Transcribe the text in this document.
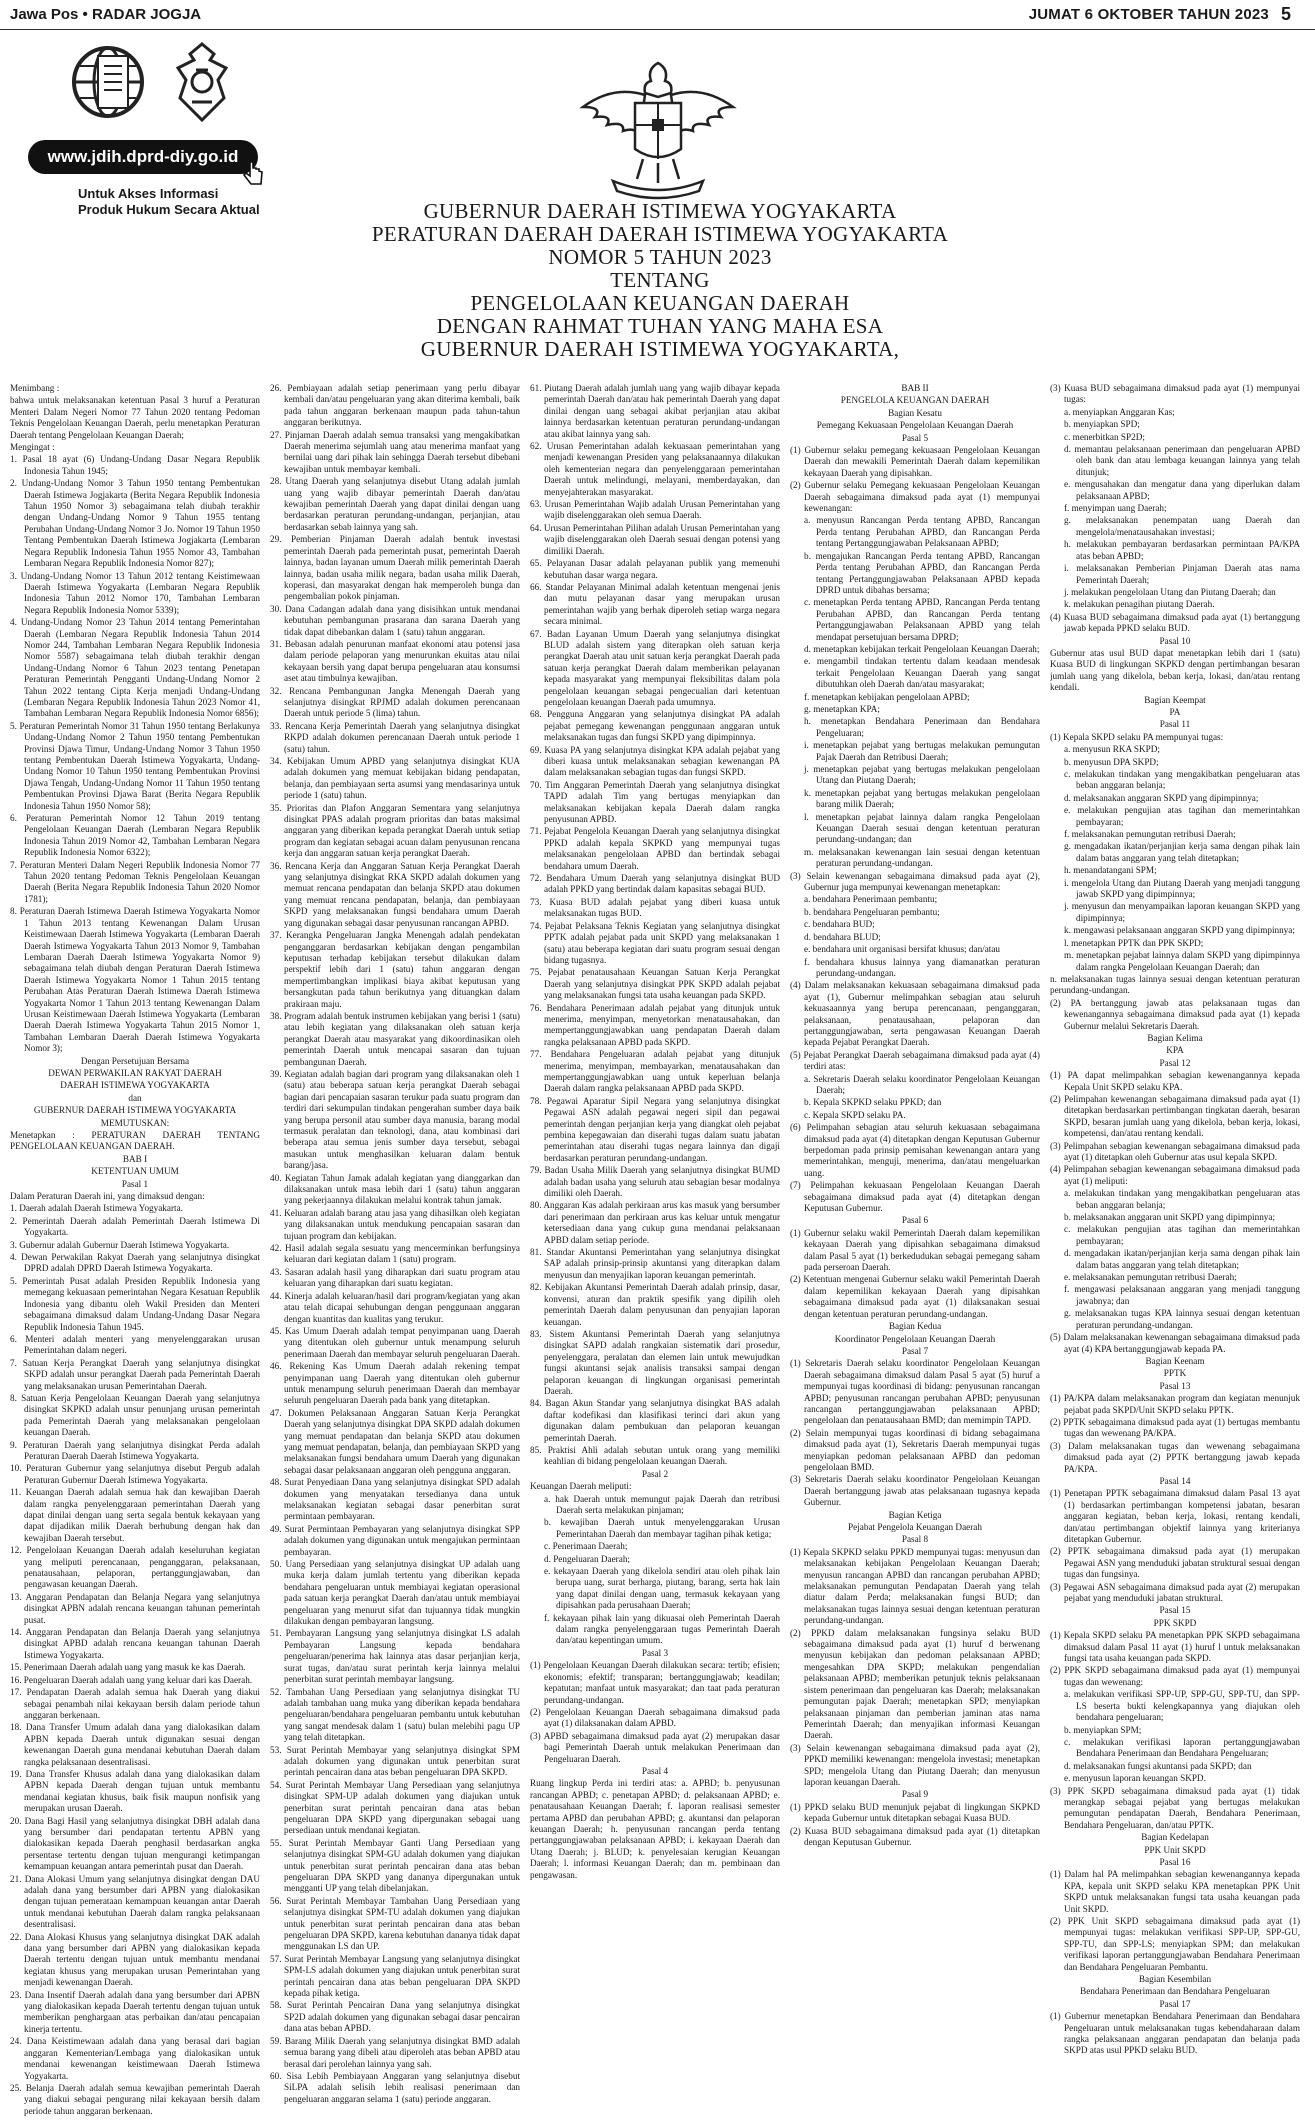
Jawa Pos • RADAR JOGJA	JUMAT 6 OKTOBER TAHUN 2023 5
www.jdih.dprd-diy.go.id
Untuk Akses Informasi
Produk Hukum Secara Aktual	GUBERNUR DAERAH ISTIMEWA YOGYAKARTA
PERATURAN DAERAH DAERAH ISTIMEWA YOGYAKARTA
NOMOR 5 TAHUN 2023
TENTANG
PENGELOLAAN KEUANGAN DAERAH
DENGAN RAHMAT TUHAN YANG MAHA ESA
GUBERNUR DAERAH ISTIMEWA YOGYAKARTA,

Menimbang :

bahwa untuk melaksanakan ketentuan Pasal 3 huruf a Peraturan Menteri Dalam Negeri Nomor 77 Tahun 2020 tentang Pedoman Teknis Pengelolaan Keuangan Daerah, perlu menetapkan Peraturan Daerah tentang Pengelolaan Keuangan Daerah;

Mengingat :

1. Pasal 18 ayat (6) Undang-Undang Dasar Negara Republik Indonesia Tahun 1945;

2. Undang-Undang Nomor 3 Tahun 1950 tentang Pembentukan Daerah Istimewa Jogjakarta (Berita Negara Republik Indonesia Tahun 1950 Nomor 3) sebagaimana telah diubah terakhir dengan Undang-Undang Nomor 9 Tahun 1955 tentang Perubahan Undang-Undang Nomor 3 Jo. Nomor 19 Tahun 1950 Tentang Pembentukan Daerah Istimewa Jogjakarta (Lembaran Negara Republik Indonesia Tahun 1955 Nomor 43, Tambahan Lembaran Negara Republik Indonesia Nomor 827);

3. Undang-Undang Nomor 13 Tahun 2012 tentang Keistimewaan Daerah Istimewa Yogyakarta (Lembaran Negara Republik Indonesia Tahun 2012 Nomor 170, Tambahan Lembaran Negara Republik Indonesia Nomor 5339);

4. Undang-Undang Nomor 23 Tahun 2014 tentang Pemerintahan Daerah (Lembaran Negara Republik Indonesia Tahun 2014 Nomor 244, Tambahan Lembaran Negara Republik Indonesia Nomor 5587) sebagaimana telah diubah terakhir dengan Undang-Undang Nomor 6 Tahun 2023 tentang Penetapan Peraturan Pemerintah Pengganti Undang-Undang Nomor 2 Tahun 2022 tentang Cipta Kerja menjadi Undang-Undang (Lembaran Negara Republik Indonesia Tahun 2023 Nomor 41, Tambahan Lembaran Negara Republik Indonesia Nomor 6856);

5. Peraturan Pemerintah Nomor 31 Tahun 1950 tentang Berlakunya Undang-Undang Nomor 2 Tahun 1950 tentang Pembentukan Provinsi Djawa Timur, Undang-Undang Nomor 3 Tahun 1950 tentang Pembentukan Daerah Istimewa Yogyakarta, Undang-Undang Nomor 10 Tahun 1950 tentang Pembentukan Provinsi Djawa Tengah, Undang-Undang Nomor 11 Tahun 1950 tentang Pembentukan Provinsi Djawa Barat (Berita Negara Republik Indonesia Tahun 1950 Nomor 58);

6. Peraturan Pemerintah Nomor 12 Tahun 2019 tentang Pengelolaan Keuangan Daerah (Lembaran Negara Republik Indonesia Tahun 2019 Nomor 42, Tambahan Lembaran Negara Republik Indonesia Nomor 6322);

7. Peraturan Menteri Dalam Negeri Republik Indonesia Nomor 77 Tahun 2020 tentang Pedoman Teknis Pengelolaan Keuangan Daerah (Berita Negara Republik Indonesia Tahun 2020 Nomor 1781);

8. Peraturan Daerah Istimewa Daerah Istimewa Yogyakarta Nomor 1 Tahun 2013 tentang Kewenangan Dalam Urusan Keistimewaan Daerah Istimewa Yogyakarta (Lembaran Daerah Daerah Istimewa Yogyakarta Tahun 2013 Nomor 9, Tambahan Lembaran Daerah Daerah Istimewa Yogyakarta Nomor 9) sebagaimana telah diubah dengan Peraturan Daerah Istimewa Daerah Istimewa Yogyakarta Nomor 1 Tahun 2015 tentang Perubahan Atas Peraturan Daerah Istimewa Daerah Istimewa Yogyakarta Nomor 1 Tahun 2013 tentang Kewenangan Dalam Urusan Keistimewaan Daerah Istimewa Yogyakarta (Lembaran Daerah Daerah Istimewa Yogyakarta Tahun 2015 Nomor 1, Tambahan Lembaran Daerah Daerah Istimewa Yogyakarta Nomor 3);

Dengan Persetujuan Bersama

DEWAN PERWAKILAN RAKYAT DAERAH

DAERAH ISTIMEWA YOGYAKARTA

dan

GUBERNUR DAERAH ISTIMEWA YOGYAKARTA

MEMUTUSKAN:

Menetapkan : PERATURAN DAERAH TENTANG PENGELOLAAN KEUANGAN DAERAH.

BAB I

KETENTUAN UMUM

Pasal 1

Dalam Peraturan Daerah ini, yang dimaksud dengan:

1. Daerah adalah Daerah Istimewa Yogyakarta.

2. Pemerintah Daerah adalah Pemerintah Daerah Istimewa Di Yogyakarta.

3. Gubernur adalah Gubernur Daerah Istimewa Yogyakarta.

4. Dewan Perwakilan Rakyat Daerah yang selanjutnya disingkat DPRD adalah DPRD Daerah Istimewa Yogyakarta.

5. Pemerintah Pusat adalah Presiden Republik Indonesia yang memegang kekuasaan pemerintahan Negara Kesatuan Republik Indonesia yang dibantu oleh Wakil Presiden dan Menteri sebagaimana dimaksud dalam Undang-Undang Dasar Negara Republik Indonesia Tahun 1945.

6. Menteri adalah menteri yang menyelenggarakan urusan Pemerintahan dalam negeri.

7. Satuan Kerja Perangkat Daerah yang selanjutnya disingkat SKPD adalah unsur perangkat Daerah pada Pemerintah Daerah yang melaksanakan urusan Pemerintahan Daerah.

8. Satuan Kerja Pengelolaan Keuangan Daerah yang selanjutnya disingkat SKPKD adalah unsur penunjang urusan pemerintah pada Pemerintah Daerah yang melaksanakan pengelolaan keuangan Daerah.

9. Peraturan Daerah yang selanjutnya disingkat Perda adalah Peraturan Daerah Daerah Istimewa Yogyakarta.

10. Peraturan Gubernur yang selanjutnya disebut Pergub adalah Peraturan Gubernur Daerah Istimewa Yogyakarta.

11. Keuangan Daerah adalah semua hak dan kewajiban Daerah dalam rangka penyelenggaraan pemerintahan Daerah yang dapat dinilai dengan uang serta segala bentuk kekayaan yang dapat dijadikan milik Daerah berhubung dengan hak dan kewajiban Daerah tersebut.

12. Pengelolaan Keuangan Daerah adalah keseluruhan kegiatan yang meliputi perencanaan, penganggaran, pelaksanaan, penatausahaan, pelaporan, pertanggungjawaban, dan pengawasan keuangan Daerah.

13. Anggaran Pendapatan dan Belanja Negara yang selanjutnya disingkat APBN adalah rencana keuangan tahunan pemerintah pusat.

14. Anggaran Pendapatan dan Belanja Daerah yang selanjutnya disingkat APBD adalah rencana keuangan tahunan Daerah Istimewa Yogyakarta.

15. Penerimaan Daerah adalah uang yang masuk ke kas Daerah.

16. Pengeluaran Daerah adalah uang yang keluar dari kas Daerah.

17. Pendapatan Daerah adalah semua hak Daerah yang diakui sebagai penambah nilai kekayaan bersih dalam periode tahun anggaran berkenaan.

18. Dana Transfer Umum adalah dana yang dialokasikan dalam APBN kepada Daerah untuk digunakan sesuai dengan kewenangan Daerah guna mendanai kebutuhan Daerah dalam rangka pelaksanaan desentralisasi.

19. Dana Transfer Khusus adalah dana yang dialokasikan dalam APBN kepada Daerah dengan tujuan untuk membantu mendanai kegiatan khusus, baik fisik maupun nonfisik yang merupakan urusan Daerah.

20. Dana Bagi Hasil yang selanjutnya disingkat DBH adalah dana yang bersumber dari pendapatan tertentu APBN yang dialokasikan kepada Daerah penghasil berdasarkan angka persentase tertentu dengan tujuan mengurangi ketimpangan kemampuan keuangan antara pemerintah pusat dan Daerah.

21. Dana Alokasi Umum yang selanjutnya disingkat dengan DAU adalah dana yang bersumber dari APBN yang dialokasikan dengan tujuan pemerataan kemampuan keuangan antar Daerah untuk mendanai kebutuhan Daerah dalam rangka pelaksanaan desentralisasi.

22. Dana Alokasi Khusus yang selanjutnya disingkat DAK adalah dana yang bersumber dari APBN yang dialokasikan kepada Daerah tertentu dengan tujuan untuk membantu mendanai kegiatan khusus yang merupakan urusan Pemerintahan yang menjadi kewenangan Daerah.

23. Dana Insentif Daerah adalah dana yang bersumber dari APBN yang dialokasikan kepada Daerah tertentu dengan tujuan untuk memberikan penghargaan atas perbaikan dan/atau pencapaian kinerja tertentu.

24. Dana Keistimewaan adalah dana yang berasal dari bagian anggaran Kementerian/Lembaga yang dialokasikan untuk mendanai kewenangan keistimewaan Daerah Istimewa Yogyakarta.

25. Belanja Daerah adalah semua kewajiban pemerintah Daerah yang diakui sebagai pengurang nilai kekayaan bersih dalam periode tahun anggaran berkenaan.

26. Pembiayaan adalah setiap penerimaan yang perlu dibayar kembali dan/atau pengeluaran yang akan diterima kembali, baik pada tahun anggaran berkenaan maupun pada tahun-tahun anggaran berikutnya.

27. Pinjaman Daerah adalah semua transaksi yang mengakibatkan Daerah menerima sejumlah uang atau menerima manfaat yang bernilai uang dari pihak lain sehingga Daerah tersebut dibebani kewajiban untuk membayar kembali.

28. Utang Daerah yang selanjutnya disebut Utang adalah jumlah uang yang wajib dibayar pemerintah Daerah dan/atau kewajiban pemerintah Daerah yang dapat dinilai dengan uang berdasarkan peraturan perundang-undangan, perjanjian, atau berdasarkan sebab lainnya yang sah.

29. Pemberian Pinjaman Daerah adalah bentuk investasi pemerintah Daerah pada pemerintah pusat, pemerintah Daerah lainnya, badan layanan umum Daerah milik pemerintah Daerah lainnya, badan usaha milik negara, badan usaha milik Daerah, koperasi, dan masyarakat dengan hak memperoleh bunga dan pengembalian pokok pinjaman.

30. Dana Cadangan adalah dana yang disisihkan untuk mendanai kebutuhan pembangunan prasarana dan sarana Daerah yang tidak dapat dibebankan dalam 1 (satu) tahun anggaran.

31. Bebasan adalah penurunan manfaat ekonomi atau potensi jasa dalam periode pelaporan yang menurunkan ekuitas atau nilai kekayaan bersih yang dapat berupa pengeluaran atau konsumsi aset atau timbulnya kewajiban.

32. Rencana Pembangunan Jangka Menengah Daerah yang selanjutnya disingkat RPJMD adalah dokumen perencanaan Daerah untuk periode 5 (lima) tahun.

33. Rencana Kerja Pemerintah Daerah yang selanjutnya disingkat RKPD adalah dokumen perencanaan Daerah untuk periode 1 (satu) tahun.

34. Kebijakan Umum APBD yang selanjutnya disingkat KUA adalah dokumen yang memuat kebijakan bidang pendapatan, belanja, dan pembiayaan serta asumsi yang mendasarinya untuk periode 1 (satu) tahun.

35. Prioritas dan Plafon Anggaran Sementara yang selanjutnya disingkat PPAS adalah program prioritas dan batas maksimal anggaran yang diberikan kepada perangkat Daerah untuk setiap program dan kegiatan sebagai acuan dalam penyusunan rencana kerja dan anggaran satuan kerja perangkat Daerah.

36. Rencana Kerja dan Anggaran Satuan Kerja Perangkat Daerah yang selanjutnya disingkat RKA SKPD adalah dokumen yang memuat rencana pendapatan dan belanja SKPD atau dokumen yang memuat rencana pendapatan, belanja, dan pembiayaan SKPD yang melaksanakan fungsi bendahara umum Daerah yang digunakan sebagai dasar penyusunan rancangan APBD.

37. Kerangka Pengeluaran Jangka Menengah adalah pendekatan penganggaran berdasarkan kebijakan dengan pengambilan keputusan terhadap kebijakan tersebut dilakukan dalam perspektif lebih dari 1 (satu) tahun anggaran dengan mempertimbangkan implikasi biaya akibat keputusan yang bersangkutan pada tahun berikutnya yang dituangkan dalam prakiraan maju.

38. Program adalah bentuk instrumen kebijakan yang berisi 1 (satu) atau lebih kegiatan yang dilaksanakan oleh satuan kerja perangkat Daerah atau masyarakat yang dikoordinasikan oleh pemerintah Daerah untuk mencapai sasaran dan tujuan pembangunan Daerah.

39. Kegiatan adalah bagian dari program yang dilaksanakan oleh 1 (satu) atau beberapa satuan kerja perangkat Daerah sebagai bagian dari pencapaian sasaran terukur pada suatu program dan terdiri dari sekumpulan tindakan pengerahan sumber daya baik yang berupa personil atau sumber daya manusia, barang modal termasuk peralatan dan teknologi, dana, atau kombinasi dari beberapa atau semua jenis sumber daya tersebut, sebagai masukan untuk menghasilkan keluaran dalam bentuk barang/jasa.

40. Kegiatan Tahun Jamak adalah kegiatan yang dianggarkan dan dilaksanakan untuk masa lebih dari 1 (satu) tahun anggaran yang pekerjaannya dilakukan melalui kontrak tahun jamak.

41. Keluaran adalah barang atau jasa yang dihasilkan oleh kegiatan yang dilaksanakan untuk mendukung pencapaian sasaran dan tujuan program dan kebijakan.

42. Hasil adalah segala sesuatu yang mencerminkan berfungsinya keluaran dari kegiatan dalam 1 (satu) program.

43. Sasaran adalah hasil yang diharapkan dari suatu program atau keluaran yang diharapkan dari suatu kegiatan.

44. Kinerja adalah keluaran/hasil dari program/kegiatan yang akan atau telah dicapai sehubungan dengan penggunaan anggaran dengan kuantitas dan kualitas yang terukur.

45. Kas Umum Daerah adalah tempat penyimpanan uang Daerah yang ditentukan oleh gubernur untuk menampung seluruh penerimaan Daerah dan membayar seluruh pengeluaran Daerah.

46. Rekening Kas Umum Daerah adalah rekening tempat penyimpanan uang Daerah yang ditentukan oleh gubernur untuk menampung seluruh penerimaan Daerah dan membayar seluruh pengeluaran Daerah pada bank yang ditetapkan.

47. Dokumen Pelaksanaan Anggaran Satuan Kerja Perangkat Daerah yang selanjutnya disingkat DPA SKPD adalah dokumen yang memuat pendapatan dan belanja SKPD atau dokumen yang memuat pendapatan, belanja, dan pembiayaan SKPD yang melaksanakan fungsi bendahara umum Daerah yang digunakan sebagai dasar pelaksanaan anggaran oleh pengguna anggaran.

48. Surat Penyediaan Dana yang selanjutnya disingkat SPD adalah dokumen yang menyatakan tersedianya dana untuk melaksanakan kegiatan sebagai dasar penerbitan surat permintaan pembayaran.

49. Surat Permintaan Pembayaran yang selanjutnya disingkat SPP adalah dokumen yang digunakan untuk mengajukan permintaan pembayaran.

50. Uang Persediaan yang selanjutnya disingkat UP adalah uang muka kerja dalam jumlah tertentu yang diberikan kepada bendahara pengeluaran untuk membiayai kegiatan operasional pada satuan kerja perangkat Daerah dan/atau untuk membiayai pengeluaran yang menurut sifat dan tujuannya tidak mungkin dilakukan dengan pembayaran langsung.

51. Pembayaran Langsung yang selanjutnya disingkat LS adalah Pembayaran Langsung kepada bendahara pengeluaran/penerima hak lainnya atas dasar perjanjian kerja, surat tugas, dan/atau surat perintah kerja lainnya melalui penerbitan surat perintah membayar langsung.

52. Tambahan Uang Persediaan yang selanjutnya disingkat TU adalah tambahan uang muka yang diberikan kepada bendahara pengeluaran/bendahara pengeluaran pembantu untuk kebutuhan yang sangat mendesak dalam 1 (satu) bulan melebihi pagu UP yang telah ditetapkan.

53. Surat Perintah Membayar yang selanjutnya disingkat SPM adalah dokumen yang digunakan untuk penerbitan surat perintah pencairan dana atas beban pengeluaran DPA SKPD.

54. Surat Perintah Membayar Uang Persediaan yang selanjutnya disingkat SPM-UP adalah dokumen yang diajukan untuk penerbitan surat perintah pencairan dana atas beban pengeluaran DPA SKPD yang dipergunakan sebagai uang persediaan untuk mendanai kegiatan.

55. Surat Perintah Membayar Ganti Uang Persediaan yang selanjutnya disingkat SPM-GU adalah dokumen yang diajukan untuk penerbitan surat perintah pencairan dana atas beban pengeluaran DPA SKPD yang dananya dipergunakan untuk mengganti UP yang telah dibelanjakan.

56. Surat Perintah Membayar Tambahan Uang Persediaan yang selanjutnya disingkat SPM-TU adalah dokumen yang diajukan untuk penerbitan surat perintah pencairan dana atas beban pengeluaran DPA SKPD, karena kebutuhan dananya tidak dapat menggunakan LS dan UP.

57. Surat Perintah Membayar Langsung yang selanjutnya disingkat SPM-LS adalah dokumen yang diajukan untuk penerbitan surat perintah pencairan dana atas beban pengeluaran DPA SKPD kepada pihak ketiga.

58. Surat Perintah Pencairan Dana yang selanjutnya disingkat SP2D adalah dokumen yang digunakan sebagai dasar pencairan dana atas beban APBD.

59. Barang Milik Daerah yang selanjutnya disingkat BMD adalah semua barang yang dibeli atau diperoleh atas beban APBD atau berasal dari perolehan lainnya yang sah.

60. Sisa Lebih Pembiayaan Anggaran yang selanjutnya disebut SiLPA adalah selisih lebih realisasi penerimaan dan pengeluaran anggaran selama 1 (satu) periode anggaran.

61. Piutang Daerah adalah jumlah uang yang wajib dibayar kepada pemerintah Daerah dan/atau hak pemerintah Daerah yang dapat dinilai dengan uang sebagai akibat perjanjian atau akibat lainnya berdasarkan ketentuan peraturan perundang-undangan atau akibat lainnya yang sah.

62. Urusan Pemerintahan adalah kekuasaan pemerintahan yang menjadi kewenangan Presiden yang pelaksanaannya dilakukan oleh kementerian negara dan penyelenggaraan pemerintahan Daerah untuk melindungi, melayani, memberdayakan, dan menyejahterakan masyarakat.

63. Urusan Pemerintahan Wajib adalah Urusan Pemerintahan yang wajib diselenggarakan oleh semua Daerah.

64. Urusan Pemerintahan Pilihan adalah Urusan Pemerintahan yang wajib diselenggarakan oleh Daerah sesuai dengan potensi yang dimiliki Daerah.

65. Pelayanan Dasar adalah pelayanan publik yang memenuhi kebutuhan dasar warga negara.

66. Standar Pelayanan Minimal adalah ketentuan mengenai jenis dan mutu pelayanan dasar yang merupakan urusan pemerintahan wajib yang berhak diperoleh setiap warga negara secara minimal.

67. Badan Layanan Umum Daerah yang selanjutnya disingkat BLUD adalah sistem yang diterapkan oleh satuan kerja perangkat Daerah atau unit satuan kerja perangkat Daerah pada satuan kerja perangkat Daerah dalam memberikan pelayanan kepada masyarakat yang mempunyai fleksibilitas dalam pola pengelolaan keuangan sebagai pengecualian dari ketentuan pengelolaan keuangan Daerah pada umumnya.

68. Pengguna Anggaran yang selanjutnya disingkat PA adalah pejabat pemegang kewenangan penggunaan anggaran untuk melaksanakan tugas dan fungsi SKPD yang dipimpinnya.

69. Kuasa PA yang selanjutnya disingkat KPA adalah pejabat yang diberi kuasa untuk melaksanakan sebagian kewenangan PA dalam melaksanakan sebagian tugas dan fungsi SKPD.

70. Tim Anggaran Pemerintah Daerah yang selanjutnya disingkat TAPD adalah Tim yang bertugas menyiapkan dan melaksanakan kebijakan kepala Daerah dalam rangka penyusunan APBD.

71. Pejabat Pengelola Keuangan Daerah yang selanjutnya disingkat PPKD adalah kepala SKPKD yang mempunyai tugas melaksanakan pengelolaan APBD dan bertindak sebagai bendahara umum Daerah.

72. Bendahara Umum Daerah yang selanjutnya disingkat BUD adalah PPKD yang bertindak dalam kapasitas sebagai BUD.

73. Kuasa BUD adalah pejabat yang diberi kuasa untuk melaksanakan tugas BUD.

74. Pejabat Pelaksana Teknis Kegiatan yang selanjutnya disingkat PPTK adalah pejabat pada unit SKPD yang melaksanakan 1 (satu) atau beberapa kegiatan dari suatu program sesuai dengan bidang tugasnya.

75. Pejabat penatausahaan Keuangan Satuan Kerja Perangkat Daerah yang selanjutnya disingkat PPK SKPD adalah pejabat yang melaksanakan fungsi tata usaha keuangan pada SKPD.

76. Bendahara Penerimaan adalah pejabat yang ditunjuk untuk menerima, menyimpan, menyetorkan menatausahakan, dan mempertanggungjawabkan uang pendapatan Daerah dalam rangka pelaksanaan APBD pada SKPD.

77. Bendahara Pengeluaran adalah pejabat yang ditunjuk menerima, menyimpan, membayarkan, menatausahakan dan mempertanggungjawabkan uang untuk keperluan belanja Daerah dalam rangka pelaksanaan APBD pada SKPD.

78. Pegawai Aparatur Sipil Negara yang selanjutnya disingkat Pegawai ASN adalah pegawai negeri sipil dan pegawai pemerintah dengan perjanjian kerja yang diangkat oleh pejabat pembina kepegawaian dan diserahi tugas dalam suatu jabatan pemerintahan atau diserahi tugas negara lainnya dan digaji berdasarkan peraturan perundang-undangan.

79. Badan Usaha Milik Daerah yang selanjutnya disingkat BUMD adalah badan usaha yang seluruh atau sebagian besar modalnya dimiliki oleh Daerah.

80. Anggaran Kas adalah perkiraan arus kas masuk yang bersumber dari penerimaan dan perkiraan arus kas keluar untuk mengatur ketersediaan dana yang cukup guna mendanai pelaksanaan APBD dalam setiap periode.

81. Standar Akuntansi Pemerintahan yang selanjutnya disingkat SAP adalah prinsip-prinsip akuntansi yang diterapkan dalam menyusun dan menyajikan laporan keuangan pemerintah.

82. Kebijakan Akuntansi Pemerintah Daerah adalah prinsip, dasar, konvensi, aturan dan praktik spesifik yang dipilih oleh pemerintah Daerah dalam penyusunan dan penyajian laporan keuangan.

83. Sistem Akuntansi Pemerintah Daerah yang selanjutnya disingkat SAPD adalah rangkaian sistematik dari prosedur, penyelenggara, peralatan dan elemen lain untuk mewujudkan fungsi akuntansi sejak analisis transaksi sampai dengan pelaporan keuangan di lingkungan organisasi pemerintah Daerah.

84. Bagan Akun Standar yang selanjutnya disingkat BAS adalah daftar kodefikasi dan klasifikasi terinci dari akun yang digunakan dalam pembukuan dan pelaporan keuangan pemerintah Daerah.

85. Praktisi Ahli adalah sebutan untuk orang yang memiliki keahlian di bidang pengelolaan keuangan Daerah.

Pasal 2

Keuangan Daerah meliputi:

a. hak Daerah untuk memungut pajak Daerah dan retribusi Daerah serta melakukan pinjaman;

b. kewajiban Daerah untuk menyelenggarakan Urusan Pemerintahan Daerah dan membayar tagihan pihak ketiga;

c. Penerimaan Daerah;

d. Pengeluaran Daerah;

e. kekayaan Daerah yang dikelola sendiri atau oleh pihak lain berupa uang, surat berharga, piutang, barang, serta hak lain yang dapat dinilai dengan uang, termasuk kekayaan yang dipisahkan pada perusahaan Daerah;

f. kekayaan pihak lain yang dikuasai oleh Pemerintah Daerah dalam rangka penyelenggaraan tugas Pemerintah Daerah dan/atau kepentingan umum.

Pasal 3

(1) Pengelolaan Keuangan Daerah dilakukan secara: tertib; efisien; ekonomis; efektif; transparan; bertanggungjawab; keadilan; kepatutan; manfaat untuk masyarakat; dan taat pada peraturan perundang-undangan.

(2) Pengelolaan Keuangan Daerah sebagaimana dimaksud pada ayat (1) dilaksanakan dalam APBD.

(3) APBD sebagaimana dimaksud pada ayat (2) merupakan dasar bagi Pemerintah Daerah untuk melakukan Penerimaan dan Pengeluaran Daerah.

Pasal 4

Ruang lingkup Perda ini terdiri atas: a. APBD; b. penyusunan rancangan APBD; c. penetapan APBD; d. pelaksanaan APBD; e. penatausahaan Keuangan Daerah; f. laporan realisasi semester pertama APBD dan perubahan APBD; g. akuntansi dan pelaporan keuangan Daerah; h. penyusunan rancangan perda tentang pertanggungjawaban pelaksanaan APBD; i. kekayaan Daerah dan Utang Daerah; j. BLUD; k. penyelesaian kerugian Keuangan Daerah; l. informasi Keuangan Daerah; dan m. pembinaan dan pengawasan.

BAB II

PENGELOLA KEUANGAN DAERAH

Bagian Kesatu

Pemegang Kekuasaan Pengelolaan Keuangan Daerah

Pasal 5

(1) Gubernur selaku pemegang kekuasaan Pengelolaan Keuangan Daerah dan mewakili Pemerintah Daerah dalam kepemilikan kekayaan Daerah yang dipisahkan.

(2) Gubernur selaku Pemegang kekuasaan Pengelolaan Keuangan Daerah sebagaimana dimaksud pada ayat (1) mempunyai kewenangan:

a. menyusun Rancangan Perda tentang APBD, Rancangan Perda tentang Perubahan APBD, dan Rancangan Perda tentang Pertanggungjawaban Pelaksanaan APBD;

b. mengajukan Rancangan Perda tentang APBD, Rancangan Perda tentang Perubahan APBD, dan Rancangan Perda tentang Pertanggungjawaban Pelaksanaan APBD kepada DPRD untuk dibahas bersama;

c. menetapkan Perda tentang APBD, Rancangan Perda tentang Perubahan APBD, dan Rancangan Perda tentang Pertanggungjawaban Pelaksanaan APBD yang telah mendapat persetujuan bersama DPRD;

d. menetapkan kebijakan terkait Pengelolaan Keuangan Daerah;

e. mengambil tindakan tertentu dalam keadaan mendesak terkait Pengelolaan Keuangan Daerah yang sangat dibutuhkan oleh Daerah dan/atau masyarakat;

f. menetapkan kebijakan pengelolaan APBD;

g. menetapkan KPA;

h. menetapkan Bendahara Penerimaan dan Bendahara Pengeluaran;

i. menetapkan pejabat yang bertugas melakukan pemungutan Pajak Daerah dan Retribusi Daerah;

j. menetapkan pejabat yang bertugas melakukan pengelolaan Utang dan Piutang Daerah;

k. menetapkan pejabat yang bertugas melakukan pengelolaan barang milik Daerah;

l. menetapkan pejabat lainnya dalam rangka Pengelolaan Keuangan Daerah sesuai dengan ketentuan peraturan perundang-undangan; dan

m. melaksanakan kewenangan lain sesuai dengan ketentuan peraturan perundang-undangan.

(3) Selain kewenangan sebagaimana dimaksud pada ayat (2), Gubernur juga mempunyai kewenangan menetapkan:

a. bendahara Penerimaan pembantu;

b. bendahara Pengeluaran pembantu;

c. bendahara BUD;

d. bendahara BLUD;

e. bendahara unit organisasi bersifat khusus; dan/atau

f. bendahara khusus lainnya yang diamanatkan peraturan perundang-undangan.

(4) Dalam melaksanakan kekuasaan sebagaimana dimaksud pada ayat (1), Gubernur melimpahkan sebagian atau seluruh kekuasaannya yang berupa perencanaan, penganggaran, pelaksanaan, penatausahaan, pelaporan dan pertanggungjawaban, serta pengawasan Keuangan Daerah kepada Pejabat Perangkat Daerah.

(5) Pejabat Perangkat Daerah sebagaimana dimaksud pada ayat (4) terdiri atas:

a. Sekretaris Daerah selaku koordinator Pengelolaan Keuangan Daerah;

b. Kepala SKPKD selaku PPKD; dan

c. Kepala SKPD selaku PA.

(6) Pelimpahan sebagian atau seluruh kekuasaan sebagaimana dimaksud pada ayat (4) ditetapkan dengan Keputusan Gubernur berpedoman pada prinsip pemisahan kewenangan antara yang memerintahkan, menguji, menerima, dan/atau mengeluarkan uang.

(7) Pelimpahan kekuasaan Pengelolaan Keuangan Daerah sebagaimana dimaksud pada ayat (4) ditetapkan dengan Keputusan Gubernur.

Pasal 6

(1) Gubernur selaku wakil Pemerintah Daerah dalam kepemilikan kekayaan Daerah yang dipisahkan sebagaimana dimaksud dalam Pasal 5 ayat (1) berkedudukan sebagai pemegang saham pada perseroan Daerah.

(2) Ketentuan mengenai Gubernur selaku wakil Pemerintah Daerah dalam kepemilikan kekayaan Daerah yang dipisahkan sebagaimana dimaksud pada ayat (1) dilaksanakan sesuai dengan ketentuan peraturan perundang-undangan.

Bagian Kedua

Koordinator Pengelolaan Keuangan Daerah

Pasal 7

(1) Sekretaris Daerah selaku koordinator Pengelolaan Keuangan Daerah sebagaimana dimaksud dalam Pasal 5 ayat (5) huruf a mempunyai tugas koordinasi di bidang: penyusunan rancangan APBD; penyusunan rancangan perubahan APBD; penyusunan rancangan pertanggungjawaban pelaksanaan APBD; pengelolaan dan penatausahaan BMD; dan memimpin TAPD.

(2) Selain mempunyai tugas koordinasi di bidang sebagaimana dimaksud pada ayat (1), Sekretaris Daerah mempunyai tugas menyiapkan pedoman pelaksanaan APBD dan pedoman pengelolaan BMD.

(3) Sekretaris Daerah selaku koordinator Pengelolaan Keuangan Daerah bertanggung jawab atas pelaksanaan tugasnya kepada Gubernur.

Bagian Ketiga

Pejabat Pengelola Keuangan Daerah

Pasal 8

(1) Kepala SKPKD selaku PPKD mempunyai tugas: menyusun dan melaksanakan kebijakan Pengelolaan Keuangan Daerah; menyusun rancangan APBD dan rancangan perubahan APBD; melaksanakan pemungutan Pendapatan Daerah yang telah diatur dalam Perda; melaksanakan fungsi BUD; dan melaksanakan tugas lainnya sesuai dengan ketentuan peraturan perundang-undangan.

(2) PPKD dalam melaksanakan fungsinya selaku BUD sebagaimana dimaksud pada ayat (1) huruf d berwenang menyusun kebijakan dan pedoman pelaksanaan APBD; mengesahkan DPA SKPD; melakukan pengendalian pelaksanaan APBD; memberikan petunjuk teknis pelaksanaan sistem penerimaan dan pengeluaran kas Daerah; melaksanakan pemungutan pajak Daerah; menetapkan SPD; menyiapkan pelaksanaan pinjaman dan pemberian jaminan atas nama Pemerintah Daerah; dan menyajikan informasi Keuangan Daerah.

(3) Selain kewenangan sebagaimana dimaksud pada ayat (2), PPKD memiliki kewenangan: mengelola investasi; menetapkan SPD; mengelola Utang dan Piutang Daerah; dan menyusun laporan keuangan Daerah.

Pasal 9

(1) PPKD selaku BUD menunjuk pejabat di lingkungan SKPKD kepada Gubernur untuk ditetapkan sebagai Kuasa BUD.

(2) Kuasa BUD sebagaimana dimaksud pada ayat (1) ditetapkan dengan Keputusan Gubernur.

(3) Kuasa BUD sebagaimana dimaksud pada ayat (1) mempunyai tugas:

a. menyiapkan Anggaran Kas;

b. menyiapkan SPD;

c. menerbitkan SP2D;

d. memantau pelaksanaan penerimaan dan pengeluaran APBD oleh bank dan atau lembaga keuangan lainnya yang telah ditunjuk;

e. mengusahakan dan mengatur dana yang diperlukan dalam pelaksanaan APBD;

f. menyimpan uang Daerah;

g. melaksanakan penempatan uang Daerah dan mengelola/menatausahakan investasi;

h. melakukan pembayaran berdasarkan permintaan PA/KPA atas beban APBD;

i. melaksanakan Pemberian Pinjaman Daerah atas nama Pemerintah Daerah;

j. melakukan pengelolaan Utang dan Piutang Daerah; dan

k. melakukan penagihan piutang Daerah.

(4) Kuasa BUD sebagaimana dimaksud pada ayat (1) bertanggung jawab kepada PPKD selaku BUD.

Pasal 10

Gubernur atas usul BUD dapat menetapkan lebih dari 1 (satu) Kuasa BUD di lingkungan SKPKD dengan pertimbangan besaran jumlah uang yang dikelola, beban kerja, lokasi, dan/atau rentang kendali.

Bagian Keempat

PA

Pasal 11

(1) Kepala SKPD selaku PA mempunyai tugas:

a. menyusun RKA SKPD;

b. menyusun DPA SKPD;

c. melakukan tindakan yang mengakibatkan pengeluaran atas beban anggaran belanja;

d. melaksanakan anggaran SKPD yang dipimpinnya;

e. melakukan pengujian atas tagihan dan memerintahkan pembayaran;

f. melaksanakan pemungutan retribusi Daerah;

g. mengadakan ikatan/perjanjian kerja sama dengan pihak lain dalam batas anggaran yang telah ditetapkan;

h. menandatangani SPM;

i. mengelola Utang dan Piutang Daerah yang menjadi tanggung jawab SKPD yang dipimpinnya;

j. menyusun dan menyampaikan laporan keuangan SKPD yang dipimpinnya;

k. mengawasi pelaksanaan anggaran SKPD yang dipimpinnya;

l. menetapkan PPTK dan PPK SKPD;

m. menetapkan pejabat lainnya dalam SKPD yang dipimpinnya dalam rangka Pengelolaan Keuangan Daerah; dan

n. melaksanakan tugas lainnya sesuai dengan ketentuan peraturan perundang-undangan.

(2) PA bertanggung jawab atas pelaksanaan tugas dan kewenangannya sebagaimana dimaksud pada ayat (1) kepada Gubernur melalui Sekretaris Daerah.

Bagian Kelima

KPA

Pasal 12

(1) PA dapat melimpahkan sebagian kewenangannya kepada Kepala Unit SKPD selaku KPA.

(2) Pelimpahan kewenangan sebagaimana dimaksud pada ayat (1) ditetapkan berdasarkan pertimbangan tingkatan daerah, besaran SKPD, besaran jumlah uang yang dikelola, beban kerja, lokasi, kompetensi, dan/atau rentang kendali.

(3) Pelimpahan sebagian kewenangan sebagaimana dimaksud pada ayat (1) ditetapkan oleh Gubernur atas usul kepala SKPD.

(4) Pelimpahan sebagian kewenangan sebagaimana dimaksud pada ayat (1) meliputi:

a. melakukan tindakan yang mengakibatkan pengeluaran atas beban anggaran belanja;

b. melaksanakan anggaran unit SKPD yang dipimpinnya;

c. melakukan pengujian atas tagihan dan memerintahkan pembayaran;

d. mengadakan ikatan/perjanjian kerja sama dengan pihak lain dalam batas anggaran yang telah ditetapkan;

e. melaksanakan pemungutan retribusi Daerah;

f. mengawasi pelaksanaan anggaran yang menjadi tanggung jawabnya; dan

g. melaksanakan tugas KPA lainnya sesuai dengan ketentuan peraturan perundang-undangan.

(5) Dalam melaksanakan kewenangan sebagaimana dimaksud pada ayat (4) KPA bertanggungjawab kepada PA.

Bagian Keenam

PPTK

Pasal 13

(1) PA/KPA dalam melaksanakan program dan kegiatan menunjuk pejabat pada SKPD/Unit SKPD selaku PPTK.

(2) PPTK sebagaimana dimaksud pada ayat (1) bertugas membantu tugas dan wewenang PA/KPA.

(3) Dalam melaksanakan tugas dan wewenang sebagaimana dimaksud pada ayat (2) PPTK bertanggung jawab kepada PA/KPA.

Pasal 14

(1) Penetapan PPTK sebagaimana dimaksud dalam Pasal 13 ayat (1) berdasarkan pertimbangan kompetensi jabatan, besaran anggaran kegiatan, beban kerja, lokasi, rentang kendali, dan/atau pertimbangan objektif lainnya yang kriterianya ditetapkan Gubernur.

(2) PPTK sebagaimana dimaksud pada ayat (1) merupakan Pegawai ASN yang menduduki jabatan struktural sesuai dengan tugas dan fungsinya.

(3) Pegawai ASN sebagaimana dimaksud pada ayat (2) merupakan pejabat yang menduduki jabatan struktural.

Pasal 15

PPK SKPD

(1) Kepala SKPD selaku PA menetapkan PPK SKPD sebagaimana dimaksud dalam Pasal 11 ayat (1) huruf l untuk melaksanakan fungsi tata usaha keuangan pada SKPD.

(2) PPK SKPD sebagaimana dimaksud pada ayat (1) mempunyai tugas dan wewenang:

a. melakukan verifikasi SPP-UP, SPP-GU, SPP-TU, dan SPP-LS beserta bukti kelengkapannya yang diajukan oleh bendahara pengeluaran;

b. menyiapkan SPM;

c. melakukan verifikasi laporan pertanggungjawaban Bendahara Penerimaan dan Bendahara Pengeluaran;

d. melaksanakan fungsi akuntansi pada SKPD; dan

e. menyusun laporan keuangan SKPD.

(3) PPK SKPD sebagaimana dimaksud pada ayat (1) tidak merangkap sebagai pejabat yang bertugas melakukan pemungutan pendapatan Daerah, Bendahara Penerimaan, Bendahara Pengeluaran, dan/atau PPTK.

Bagian Kedelapan

PPK Unit SKPD

Pasal 16

(1) Dalam hal PA melimpahkan sebagian kewenangannya kepada KPA, kepala unit SKPD selaku KPA menetapkan PPK Unit SKPD untuk melaksanakan fungsi tata usaha keuangan pada Unit SKPD.

(2) PPK Unit SKPD sebagaimana dimaksud pada ayat (1) mempunyai tugas: melakukan verifikasi SPP-UP, SPP-GU, SPP-TU, dan SPP-LS; menyiapkan SPM; dan melakukan verifikasi laporan pertanggungjawaban Bendahara Penerimaan dan Bendahara Pengeluaran Pembantu.

Bagian Kesembilan

Bendahara Penerimaan dan Bendahara Pengeluaran

Pasal 17

(1) Gubernur menetapkan Bendahara Penerimaan dan Bendahara Pengeluaran untuk melaksanakan tugas kebendaharaan dalam rangka pelaksanaan anggaran pendapatan dan belanja pada SKPD atas usul PPKD selaku BUD.
